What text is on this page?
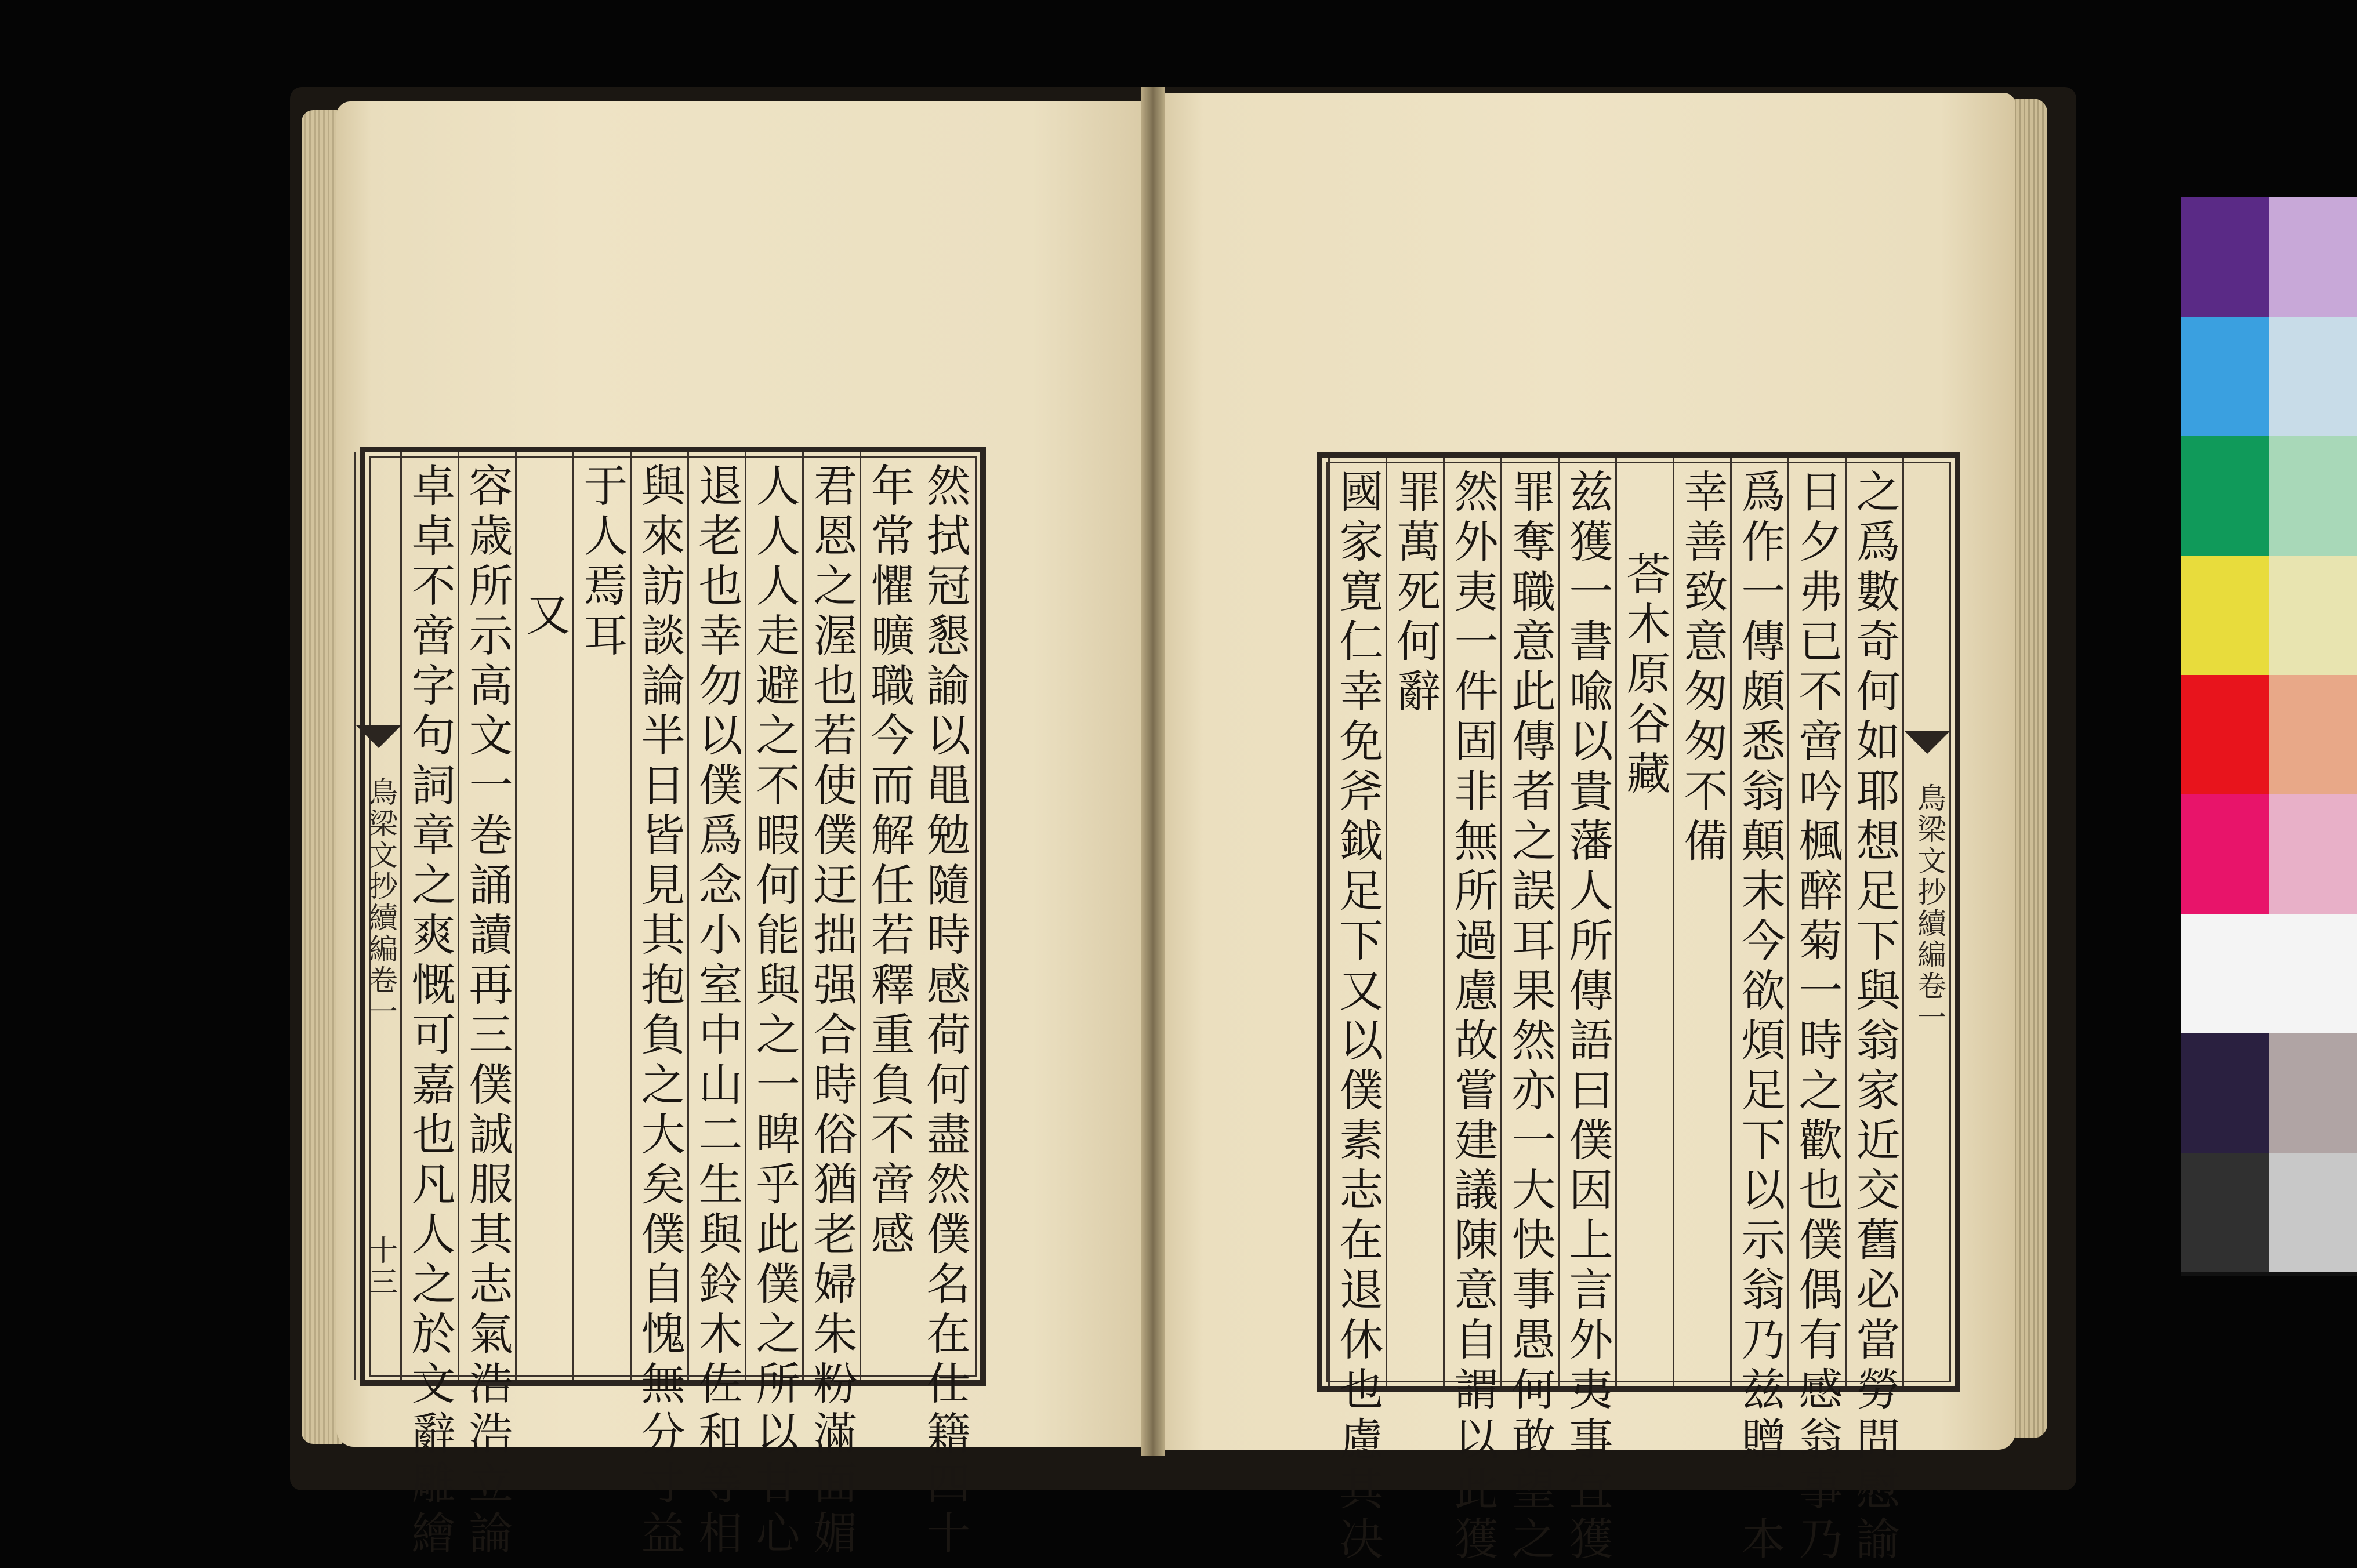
然拭冠懇諭以黽勉隨時感荷何盡然僕名在仕籍四十
年常懼曠職今而解任若釋重負不啻感
君恩之渥也若使僕迂拙强合時俗猶老婦朱粉滿面媚
人人人走避之不暇何能與之一睥乎此僕之所以甘心
退老也幸勿以僕爲念小室中山二生與鈴木佐和等相
與來訪談論半日皆見其抱負之大矣僕自愧無分寸益
于人焉耳
又
容歳所示高文一巻誦讀再三僕誠服其志氣浩浩立論
卓卓不啻字句詞章之爽慨可嘉也凡人之於文辭雕繪
鳥梁文抄續編卷一
十三
鳥梁文抄續編卷一
之爲數奇何如耶想足下與翁家近交舊必當勞問慰諭
日夕弗已不啻吟楓醉菊一時之歡也僕偶有感翁事乃
爲作一傳頗悉翁顛末今欲煩足下以示翁乃兹贈一本
幸善致意匆匆不備
荅木原谷藏
兹獲一書喩以貴藩人所傳語曰僕因上言外夷事宜獲
罪奪職意此傳者之誤耳果然亦一大快事愚何敢望之
然外夷一件固非無所過慮故嘗建議陳意自謂以此獲
罪萬死何辭
國家寛仁幸免斧鉞足下又以僕素志在退休也慮其决
